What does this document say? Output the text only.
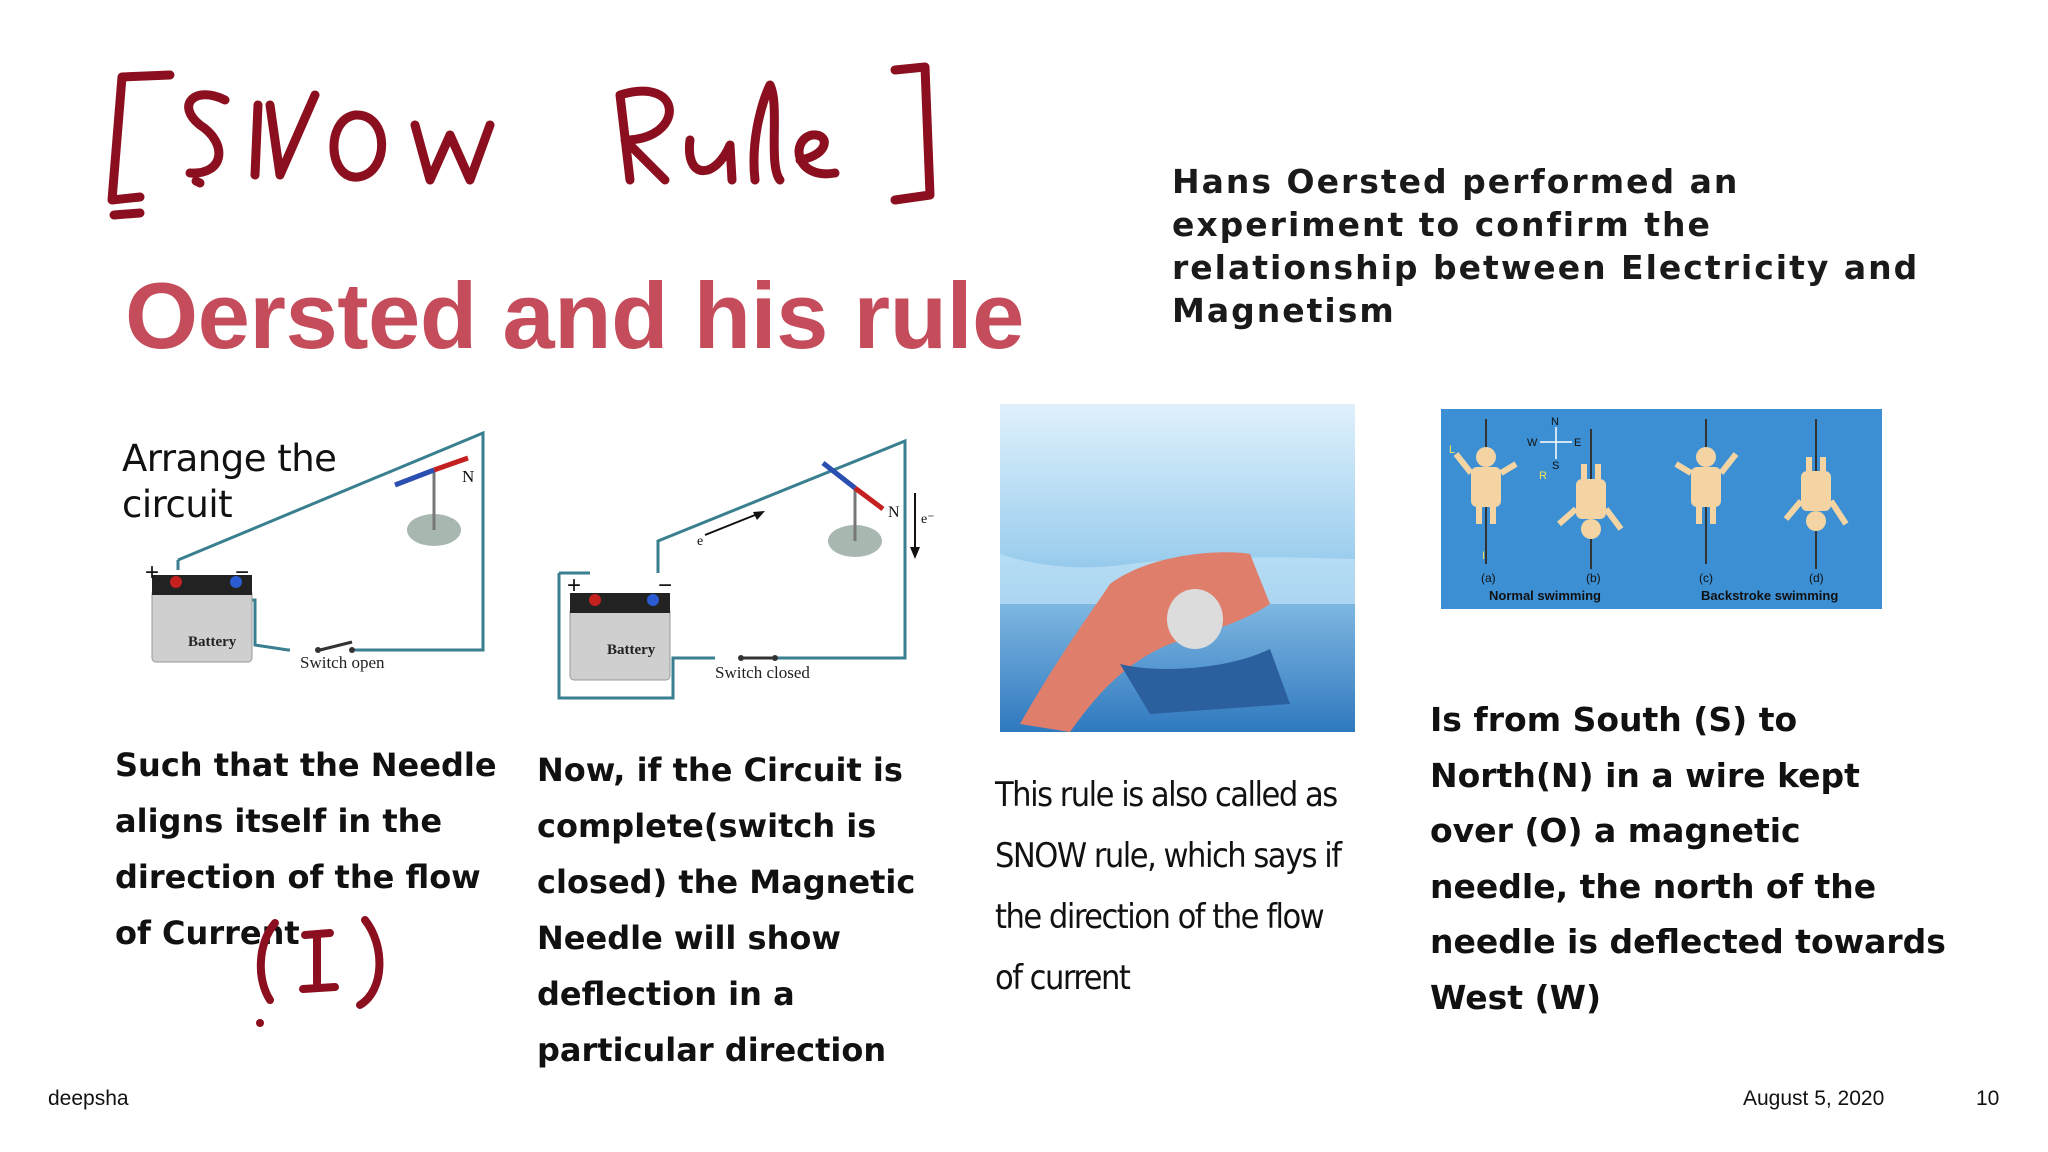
Oersted and his rule
Hans Oersted performed an experiment to confirm the relationship between Electricity and Magnetism
Arrange the
circuit
Battery
+	−
Switch open
N
Battery
+	−
Switch closed
e
e⁻
N
N
W	E
S
L
R
I
(a)	(b)	(c)	(d)
Normal swimming	Backstroke swimming
Such that the Needle aligns itself in the direction of the flow of Current
Now, if the Circuit is complete(switch is closed) the Magnetic Needle will show deflection in a particular direction
This rule is also called as SNOW rule, which says if the direction of the flow of current
Is from South (S) to North(N) in a wire kept over (O) a magnetic needle, the north of the needle is deflected towards West (W)
deepsha	August 5, 2020	10
